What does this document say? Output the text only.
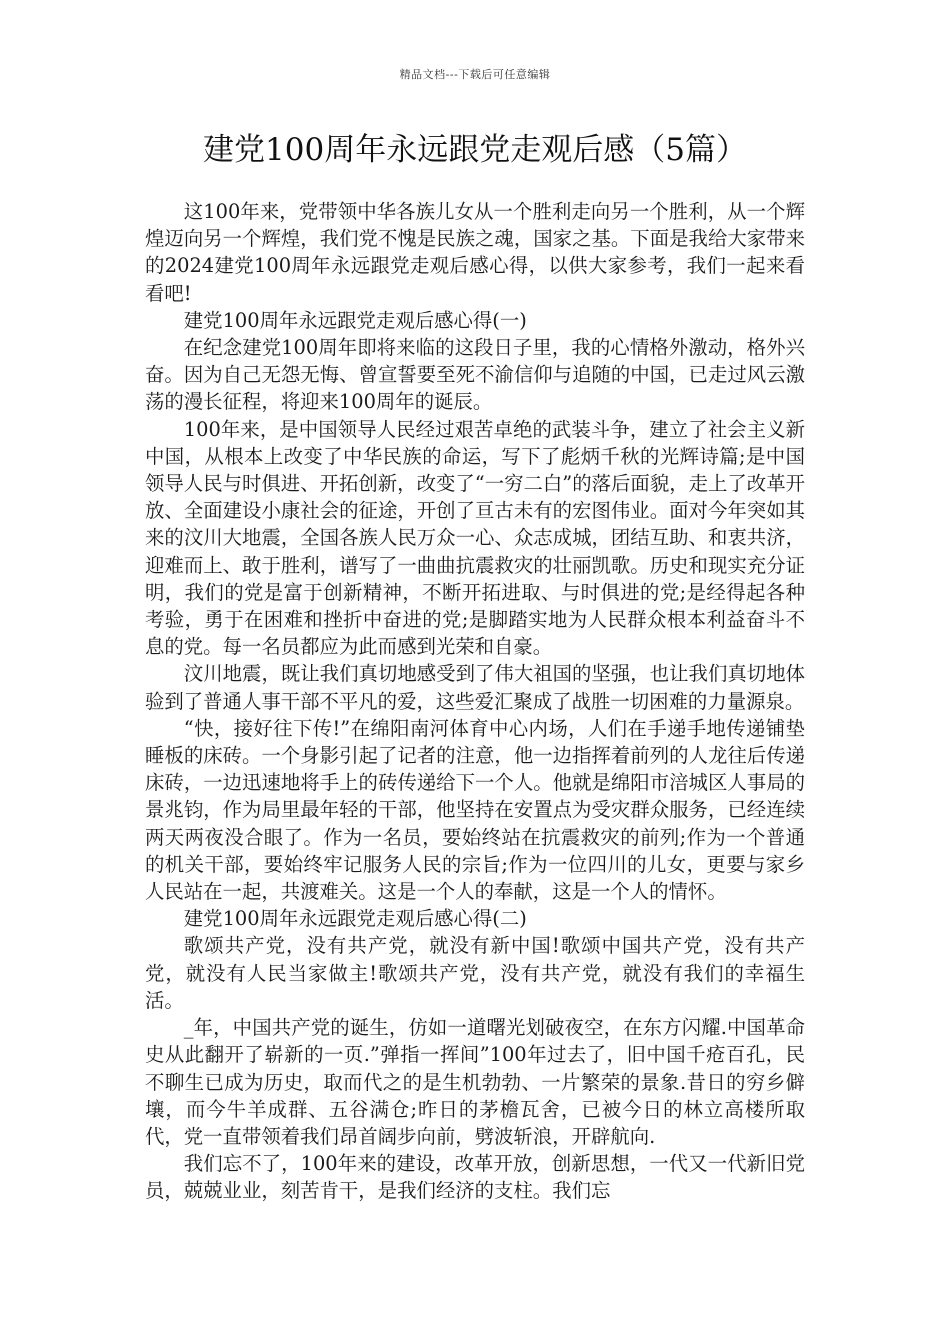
精品文档---下载后可任意编辑
建党100周年永远跟党走观后感（5篇）

这100年来，党带领中华各族儿女从一个胜利走向另一个胜利，从一个辉煌迈向另一个辉煌，我们党不愧是民族之魂，国家之基。下面是我给大家带来的2024建党100周年永远跟党走观后感心得，以供大家参考，我们一起来看看吧!

建党100周年永远跟党走观后感心得(一)

在纪念建党100周年即将来临的这段日子里，我的心情格外激动，格外兴奋。因为自己无怨无悔、曾宣誓要至死不渝信仰与追随的中国，已走过风云激荡的漫长征程，将迎来100周年的诞辰。

100年来，是中国领导人民经过艰苦卓绝的武装斗争，建立了社会主义新中国，从根本上改变了中华民族的命运，写下了彪炳千秋的光辉诗篇;是中国领导人民与时俱进、开拓创新，改变了“一穷二白”的落后面貌，走上了改革开放、全面建设小康社会的征途，开创了亘古未有的宏图伟业。面对今年突如其来的汶川大地震，全国各族人民万众一心、众志成城，团结互助、和衷共济，迎难而上、敢于胜利，谱写了一曲曲抗震救灾的壮丽凯歌。历史和现实充分证明，我们的党是富于创新精神，不断开拓进取、与时俱进的党;是经得起各种考验，勇于在困难和挫折中奋进的党;是脚踏实地为人民群众根本利益奋斗不息的党。每一名员都应为此而感到光荣和自豪。

汶川地震，既让我们真切地感受到了伟大祖国的坚强，也让我们真切地体验到了普通人事干部不平凡的爱，这些爱汇聚成了战胜一切困难的力量源泉。

“快，接好往下传!”在绵阳南河体育中心内场，人们在手递手地传递铺垫睡板的床砖。一个身影引起了记者的注意，他一边指挥着前列的人龙往后传递床砖，一边迅速地将手上的砖传递给下一个人。他就是绵阳市涪城区人事局的景兆钧，作为局里最年轻的干部，他坚持在安置点为受灾群众服务，已经连续两天两夜没合眼了。作为一名员，要始终站在抗震救灾的前列;作为一个普通的机关干部，要始终牢记服务人民的宗旨;作为一位四川的儿女，更要与家乡人民站在一起，共渡难关。这是一个人的奉献，这是一个人的情怀。

建党100周年永远跟党走观后感心得(二)

歌颂共产党，没有共产党，就没有新中国!歌颂中国共产党，没有共产党，就没有人民当家做主!歌颂共产党，没有共产党，就没有我们的幸福生活。

_年，中国共产党的诞生，仿如一道曙光划破夜空，在东方闪耀.中国革命史从此翻开了崭新的一页.”弹指一挥间”100年过去了，旧中国千疮百孔，民不聊生已成为历史，取而代之的是生机勃勃、一片繁荣的景象.昔日的穷乡僻壤，而今牛羊成群、五谷满仓;昨日的茅檐瓦舍，已被今日的林立高楼所取代，党一直带领着我们昂首阔步向前，劈波斩浪，开辟航向.

我们忘不了，100年来的建设，改革开放，创新思想，一代又一代新旧党员，兢兢业业，刻苦肯干，是我们经济的支柱。我们忘
